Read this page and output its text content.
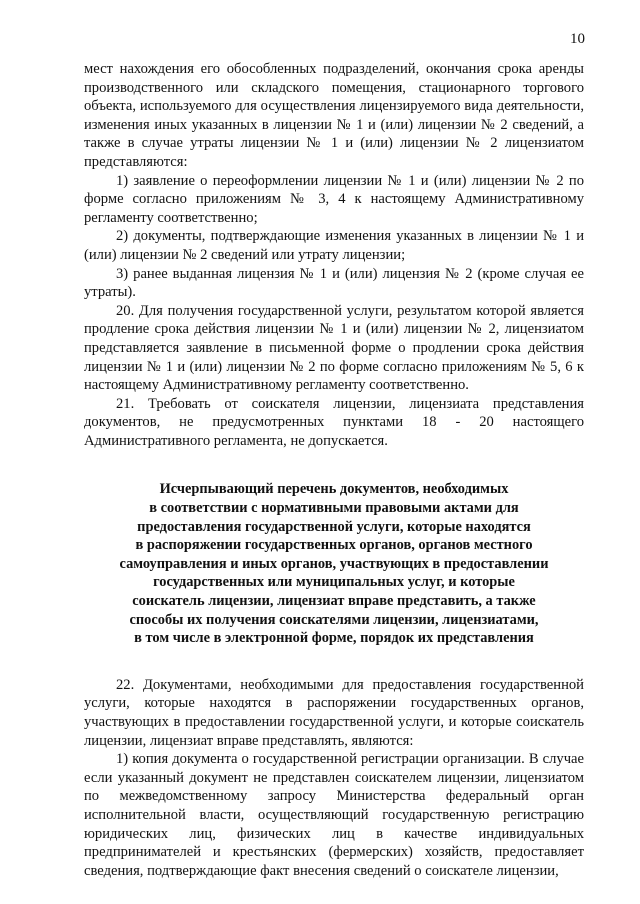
10

мест нахождения его обособленных подразделений, окончания срока аренды производственного или складского помещения, стационарного торгового объекта, используемого для осуществления лицензируемого вида деятельности, изменения иных указанных в лицензии № 1 и (или) лицензии № 2 сведений, а также в случае утраты лицензии № 1 и (или) лицензии № 2 лицензиатом представляются:

1) заявление о переоформлении лицензии № 1 и (или) лицензии № 2 по форме согласно приложениям № 3, 4 к настоящему Административному регламенту соответственно;

2) документы, подтверждающие изменения указанных в лицензии № 1 и (или) лицензии № 2 сведений или утрату лицензии;

3) ранее выданная лицензия № 1 и (или) лицензия № 2 (кроме случая ее утраты).

20. Для получения государственной услуги, результатом которой является продление срока действия лицензии № 1 и (или) лицензии № 2, лицензиатом представляется заявление в письменной форме о продлении срока действия лицензии № 1 и (или) лицензии № 2 по форме согласно приложениям № 5, 6 к настоящему Административному регламенту соответственно.

21. Требовать от соискателя лицензии, лицензиата представления документов, не предусмотренных пунктами 18 - 20 настоящего Административного регламента, не допускается.

Исчерпывающий перечень документов, необходимых
в соответствии с нормативными правовыми актами для
предоставления государственной услуги, которые находятся
в распоряжении государственных органов, органов местного
самоуправления и иных органов, участвующих в предоставлении
государственных или муниципальных услуг, и которые
соискатель лицензии, лицензиат вправе представить, а также
способы их получения соискателями лицензии, лицензиатами,
в том числе в электронной форме, порядок их представления

22. Документами, необходимыми для предоставления государственной услуги, которые находятся в распоряжении государственных органов, участвующих в предоставлении государственной услуги, и которые соискатель лицензии, лицензиат вправе представлять, являются:

1) копия документа о государственной регистрации организации. В случае если указанный документ не представлен соискателем лицензии, лицензиатом по межведомственному запросу Министерства федеральный орган исполнительной власти, осуществляющий государственную регистрацию юридических лиц, физических лиц в качестве индивидуальных предпринимателей и крестьянских (фермерских) хозяйств, предоставляет сведения, подтверждающие факт внесения сведений о соискателе лицензии,
